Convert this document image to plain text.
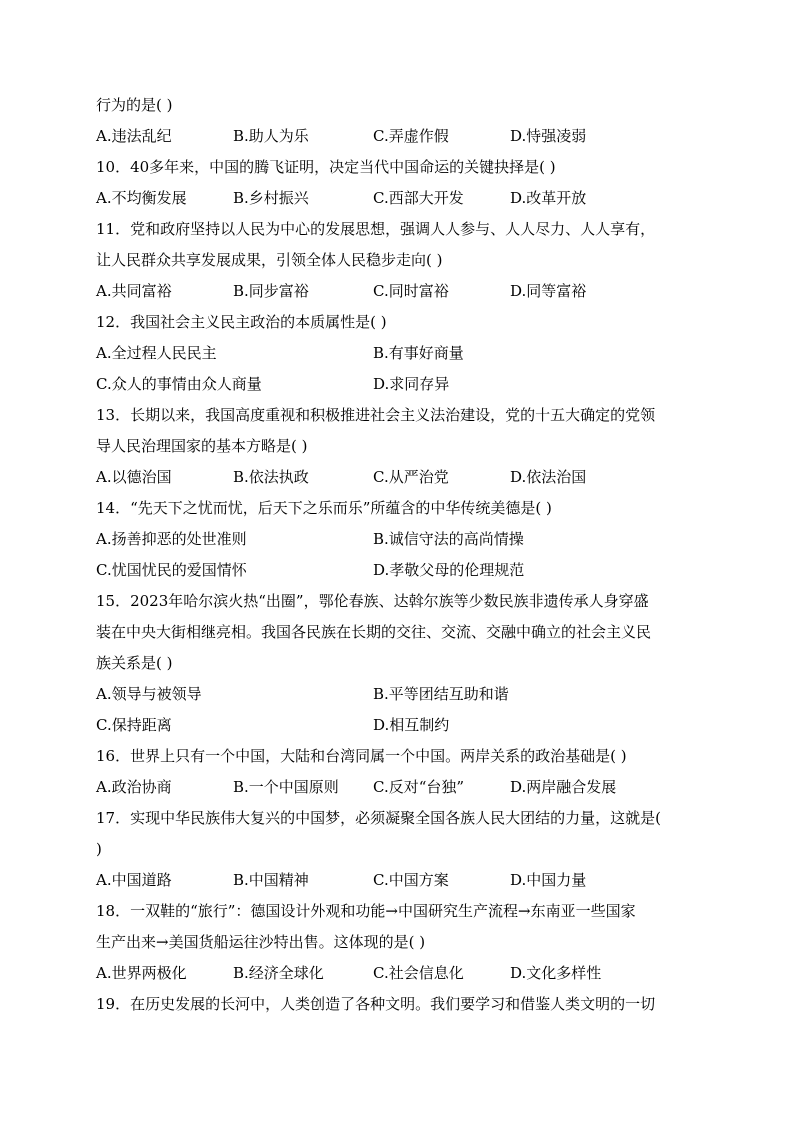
行为的是( )
A.违法乱纪	B.助人为乐	C.弄虚作假	D.恃强凌弱
10．40多年来，中国的腾飞证明，决定当代中国命运的关键抉择是( )
A.不均衡发展	B.乡村振兴	C.西部大开发	D.改革开放
11．党和政府坚持以人民为中心的发展思想，强调人人参与、人人尽力、人人享有，
让人民群众共享发展成果，引领全体人民稳步走向( )
A.共同富裕	B.同步富裕	C.同时富裕	D.同等富裕
12．我国社会主义民主政治的本质属性是( )
A.全过程人民民主	B.有事好商量
C.众人的事情由众人商量	D.求同存异
13．长期以来，我国高度重视和积极推进社会主义法治建设，党的十五大确定的党领
导人民治理国家的基本方略是( )
A.以德治国	B.依法执政	C.从严治党	D.依法治国
14．“先天下之忧而忧，后天下之乐而乐”所蕴含的中华传统美德是( )
A.扬善抑恶的处世准则	B.诚信守法的高尚情操
C.忧国忧民的爱国情怀	D.孝敬父母的伦理规范
15．2023年哈尔滨火热“出圈”，鄂伦春族、达斡尔族等少数民族非遗传承人身穿盛
装在中央大街相继亮相。我国各民族在长期的交往、交流、交融中确立的社会主义民
族关系是( )
A.领导与被领导	B.平等团结互助和谐
C.保持距离	D.相互制约
16．世界上只有一个中国，大陆和台湾同属一个中国。两岸关系的政治基础是( )
A.政治协商	B.一个中国原则 C.反对“台独”	D.两岸融合发展
17．实现中华民族伟大复兴的中国梦，必须凝聚全国各族人民大团结的力量，这就是(
)
A.中国道路	B.中国精神	C.中国方案	D.中国力量
18．一双鞋的“旅行”：德国设计外观和功能→中国研究生产流程→东南亚一些国家
生产出来→美国货船运往沙特出售。这体现的是( )
A.世界两极化	B.经济全球化	C.社会信息化	D.文化多样性
19．在历史发展的长河中，人类创造了各种文明。我们要学习和借鉴人类文明的一切
